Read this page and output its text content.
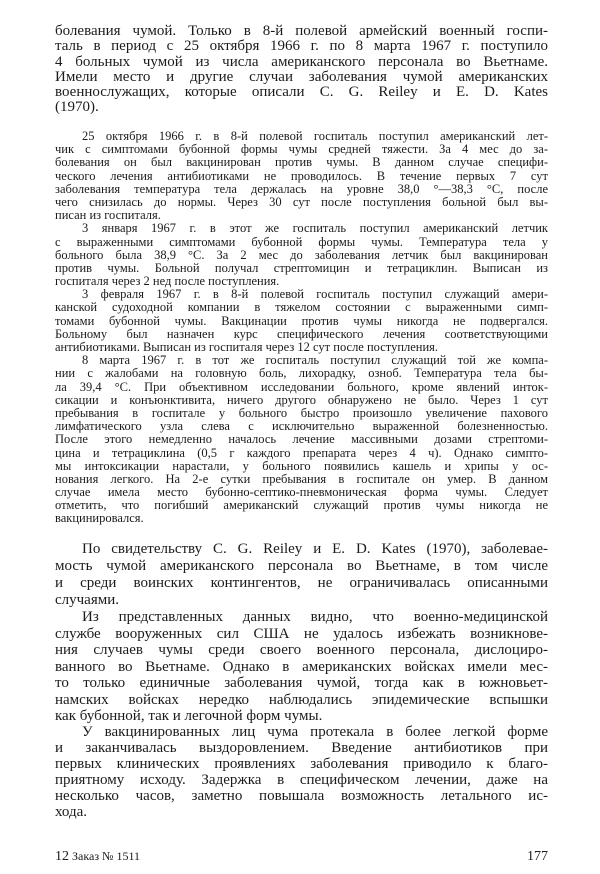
болевания чумой. Только в 8-й полевой армейский военный госпи-
таль в период с 25 октября 1966 г. по 8 марта 1967 г. поступило
4 больных чумой из числа американского персонала во Вьетнаме.
Имели место и другие случаи заболевания чумой американских
военнослужащих, которые описали C. G. Reiley и E. D. Kates
(1970).
25 октября 1966 г. в 8-й полевой госпиталь поступил американский лет-
чик с симптомами бубонной формы чумы средней тяжести. За 4 мес до за-
болевания он был вакцинирован против чумы. В данном случае специфи-
ческого лечения антибиотиками не проводилось. В течение первых 7 сут
заболевания температура тела держалась на уровне 38,0 °—38,3 °С, после
чего снизилась до нормы. Через 30 сут после поступления больной был вы-
писан из госпиталя.
3 января 1967 г. в этот же госпиталь поступил американский летчик
с выраженными симптомами бубонной формы чумы. Температура тела у
больного была 38,9 °С. За 2 мес до заболевания летчик был вакцинирован
против чумы. Больной получал стрептомицин и тетрациклин. Выписан из
госпиталя через 2 нед после поступления.
3 февраля 1967 г. в 8-й полевой госпиталь поступил служащий амери-
канской судоходной компании в тяжелом состоянии с выраженными симп-
томами бубонной чумы. Вакцинации против чумы никогда не подвергался.
Больному был назначен курс специфического лечения соответствующими
антибиотиками. Выписан из госпиталя через 12 сут после поступления.
8 марта 1967 г. в тот же госпиталь поступил служащий той же компа-
нии с жалобами на головную боль, лихорадку, озноб. Температура тела бы-
ла 39,4 °С. При объективном исследовании больного, кроме явлений инток-
сикации и конъюнктивита, ничего другого обнаружено не было. Через 1 сут
пребывания в госпитале у больного быстро произошло увеличение пахового
лимфатического узла слева с исключительно выраженной болезненностью.
После этого немедленно началось лечение массивными дозами стрептоми-
цина и тетрациклина (0,5 г каждого препарата через 4 ч). Однако симпто-
мы интоксикации нарастали, у больного появились кашель и хрипы у ос-
нования легкого. На 2-е сутки пребывания в госпитале он умер. В данном
случае имела место бубонно-септико-пневмоническая форма чумы. Следует
отметить, что погибший американский служащий против чумы никогда не
вакцинировался.
По свидетельству C. G. Reiley и E. D. Kates (1970), заболевае-
мость чумой американского персонала во Вьетнаме, в том числе
и среди воинских контингентов, не ограничивалась описанными
случаями.
Из представленных данных видно, что военно-медицинской
службе вооруженных сил США не удалось избежать возникнове-
ния случаев чумы среди своего военного персонала, дислоциро-
ванного во Вьетнаме. Однако в американских войсках имели мес-
то только единичные заболевания чумой, тогда как в южновьет-
намских войсках нередко наблюдались эпидемические вспышки
как бубонной, так и легочной форм чумы.
У вакцинированных лиц чума протекала в более легкой форме
и заканчивалась выздоровлением. Введение антибиотиков при
первых клинических проявлениях заболевания приводило к благо-
приятному исходу. Задержка в специфическом лечении, даже на
несколько часов, заметно повышала возможность летального ис-
хода.
12 Заказ № 1511	177
